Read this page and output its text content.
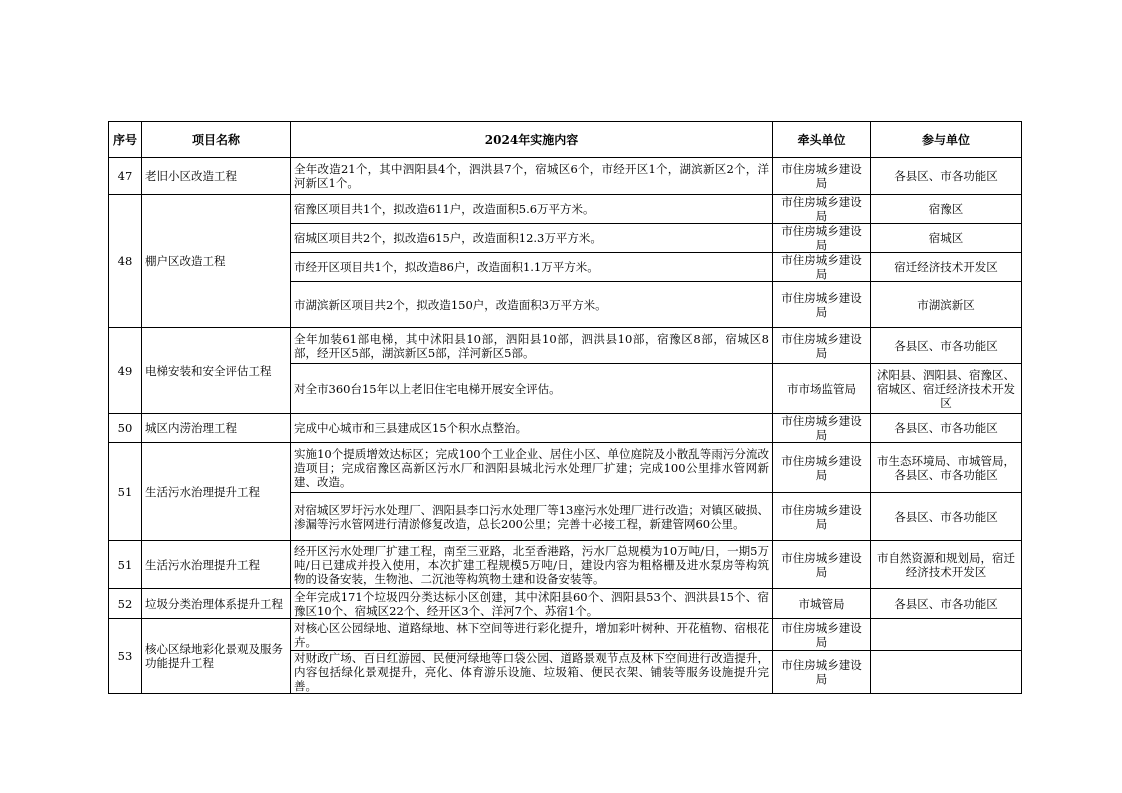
序号	项目名称	2024年实施内容	牵头单位	参与单位
47	老旧小区改造工程	全年改造21个，其中泗阳县4个，泗洪县7个，宿城区6个，市经开区1个，湖滨新区2个，洋河新区1个。	市住房城乡建设局	各县区、市各功能区
48	棚户区改造工程	宿豫区项目共1个，拟改造611户，改造面积5.6万平方米。	市住房城乡建设局	宿豫区
		宿城区项目共2个，拟改造615户，改造面积12.3万平方米。	市住房城乡建设局	宿城区
		市经开区项目共1个，拟改造86户，改造面积1.1万平方米。	市住房城乡建设局	宿迁经济技术开发区
		市湖滨新区项目共2个，拟改造150户，改造面积3万平方米。	市住房城乡建设局	市湖滨新区
49	电梯安装和安全评估工程	全年加装61部电梯，其中沭阳县10部，泗阳县10部，泗洪县10部，宿豫区8部，宿城区8部，经开区5部，湖滨新区5部，洋河新区5部。	市住房城乡建设局	各县区、市各功能区
		对全市360台15年以上老旧住宅电梯开展安全评估。	市市场监管局	沭阳县、泗阳县、宿豫区、宿城区、宿迁经济技术开发区
50	城区内涝治理工程	完成中心城市和三县建成区15个积水点整治。	市住房城乡建设局	各县区、市各功能区
51	生活污水治理提升工程	实施10个提质增效达标区；完成100个工业企业、居住小区、单位庭院及小散乱等雨污分流改造项目；完成宿豫区高新区污水厂和泗阳县城北污水处理厂扩建；完成100公里排水管网新建、改造。	市住房城乡建设局	市生态环境局、市城管局，各县区、市各功能区
		对宿城区罗圩污水处理厂、泗阳县李口污水处理厂等13座污水处理厂进行改造；对镇区破损、渗漏等污水管网进行清淤修复改造，总长200公里；完善十必接工程，新建管网60公里。	市住房城乡建设局	各县区、市各功能区
51	生活污水治理提升工程	经开区污水处理厂扩建工程，南至三亚路，北至香港路，污水厂总规模为10万吨/日，一期5万吨/日已建成并投入使用，本次扩建工程规模5万吨/日，建设内容为粗格栅及进水泵房等构筑物的设备安装，生物池、二沉池等构筑物土建和设备安装等。	市住房城乡建设局	市自然资源和规划局，宿迁经济技术开发区
52	垃圾分类治理体系提升工程	全年完成171个垃圾四分类达标小区创建，其中沭阳县60个、泗阳县53个、泗洪县15个、宿豫区10个、宿城区22个、经开区3个、洋河7个、苏宿1个。	市城管局	各县区、市各功能区
53	核心区绿地彩化景观及服务功能提升工程	对核心区公园绿地、道路绿地、林下空间等进行彩化提升，增加彩叶树种、开花植物、宿根花卉。	市住房城乡建设局	
		对财政广场、百日红游园、民便河绿地等口袋公园、道路景观节点及林下空间进行改造提升，内容包括绿化景观提升，亮化、体育游乐设施、垃圾箱、便民衣架、铺装等服务设施提升完善。	市住房城乡建设局	
